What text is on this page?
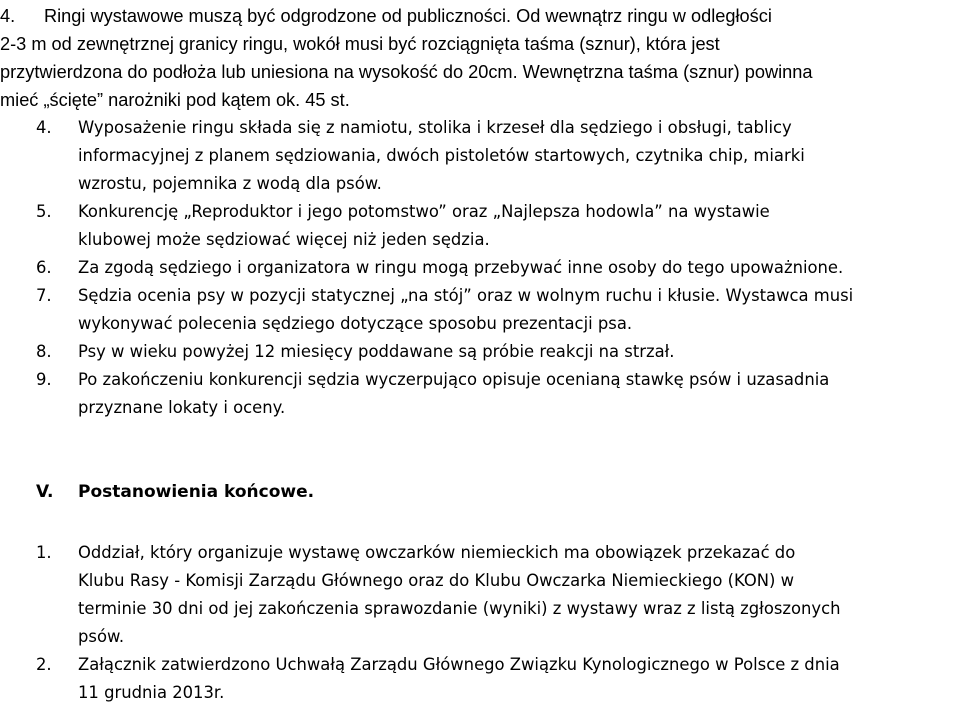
4. Ringi wystawowe muszą być odgrodzone od publiczności. Od wewnątrz ringu w odległości
2-3 m od zewnętrznej granicy ringu, wokół musi być rozciągnięta taśma (sznur), która jest
przytwierdzona do podłoża lub uniesiona na wysokość do 20cm. Wewnętrzna taśma (sznur) powinna
mieć „ścięte” narożniki pod kątem ok. 45 st.
4. Wyposażenie ringu składa się z namiotu, stolika i krzeseł dla sędziego i obsługi, tablicy
informacyjnej z planem sędziowania, dwóch pistoletów startowych, czytnika chip, miarki
wzrostu, pojemnika z wodą dla psów.
5. Konkurencję „Reproduktor i jego potomstwo” oraz „Najlepsza hodowla” na wystawie
klubowej może sędziować więcej niż jeden sędzia.
6. Za zgodą sędziego i organizatora w ringu mogą przebywać inne osoby do tego upoważnione.
7. Sędzia ocenia psy w pozycji statycznej „na stój” oraz w wolnym ruchu i kłusie. Wystawca musi
wykonywać polecenia sędziego dotyczące sposobu prezentacji psa.
8. Psy w wieku powyżej 12 miesięcy poddawane są próbie reakcji na strzał.
9. Po zakończeniu konkurencji sędzia wyczerpująco opisuje ocenianą stawkę psów i uzasadnia
przyznane lokaty i oceny.
V. Postanowienia końcowe.
1. Oddział, który organizuje wystawę owczarków niemieckich ma obowiązek przekazać do
Klubu Rasy - Komisji Zarządu Głównego oraz do Klubu Owczarka Niemieckiego (KON) w
terminie 30 dni od jej zakończenia sprawozdanie (wyniki) z wystawy wraz z listą zgłoszonych
psów.
2. Załącznik zatwierdzono Uchwałą Zarządu Głównego Związku Kynologicznego w Polsce z dnia
11 grudnia 2013r.
